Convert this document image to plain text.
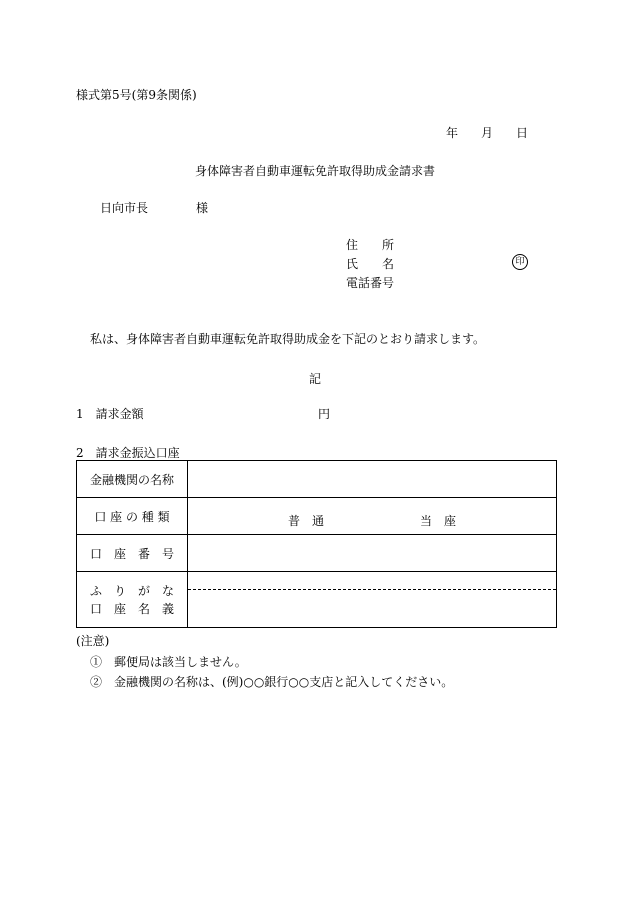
様式第5号(第9条関係)
年 月 日
身体障害者自動車運転免許取得助成金請求書
日向市長	様
住　　所
氏　　名	印
電話番号
私は、身体障害者自動車運転免許取得助成金を下記のとおり請求します。
記
1　請求金額	円
2　請求金振込口座
金融機関の名称	
口 座 の 種 類	普　通 当　座

口　座　番　号	

ふ　り　が　な
口　座　名　義	

(注意)
①　郵便局は該当しません。
②　金融機関の名称は、(例)○○銀行○○支店と記入してください。
